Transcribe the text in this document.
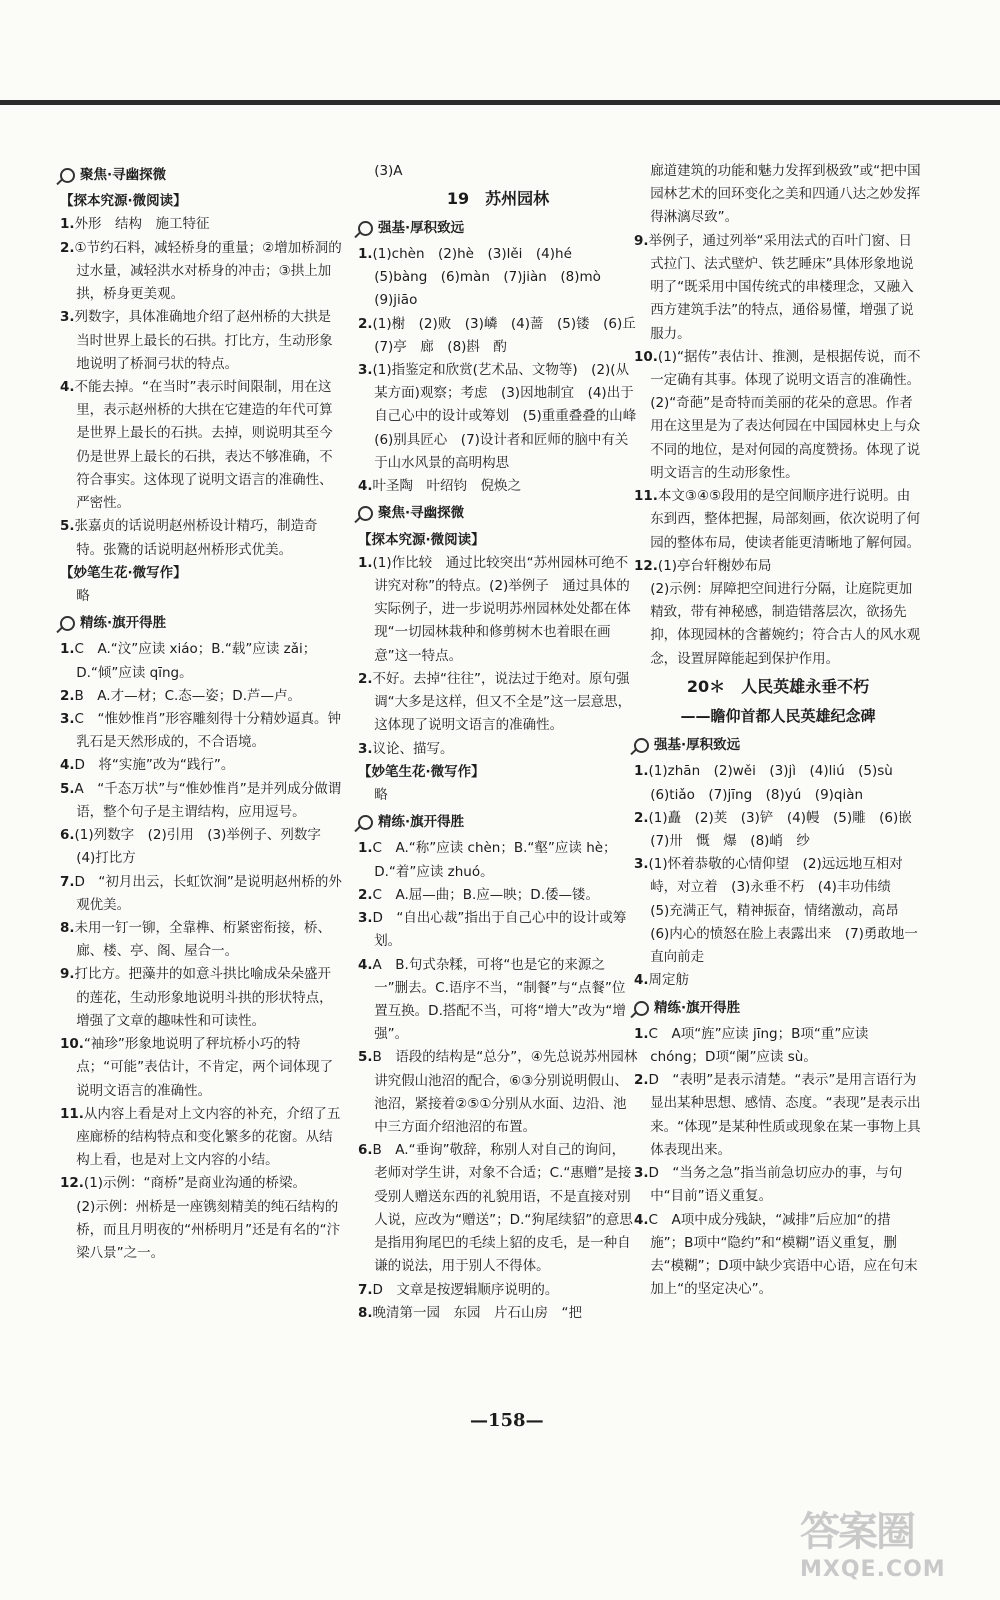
聚焦·寻幽探微
【探本究源·微阅读】
1.外形　结构　施工特征
2.①节约石料，减轻桥身的重量；②增加桥洞的过水量，减轻洪水对桥身的冲击；③拱上加拱，桥身更美观。
3.列数字，具体准确地介绍了赵州桥的大拱是当时世界上最长的石拱。打比方，生动形象地说明了桥洞弓状的特点。
4.不能去掉。“在当时”表示时间限制，用在这里，表示赵州桥的大拱在它建造的年代可算是世界上最长的石拱。去掉，则说明其至今仍是世界上最长的石拱，表达不够准确，不符合事实。这体现了说明文语言的准确性、严密性。
5.张嘉贞的话说明赵州桥设计精巧，制造奇特。张鷟的话说明赵州桥形式优美。
【妙笔生花·微写作】
略
精练·旗开得胜
1.C　A.“汶”应读 xiáo；B.“载”应读 zǎi；D.“倾”应读 qīng。
2.B　A.才—材；C.态—姿；D.芦—卢。
3.C　“惟妙惟肖”形容雕刻得十分精妙逼真。钟乳石是天然形成的，不合语境。
4.D　将“实施”改为“践行”。
5.A　“千态万状”与“惟妙惟肖”是并列成分做谓语，整个句子是主谓结构，应用逗号。
6.(1)列数字　(2)引用　(3)举例子、列数字　(4)打比方
7.D　“初月出云，长虹饮涧”是说明赵州桥的外观优美。
8.未用一钉一铆，全靠榫、桁紧密衔接，桥、廊、楼、亭、阁、屋合一。
9.打比方。把藻井的如意斗拱比喻成朵朵盛开的莲花，生动形象地说明斗拱的形状特点，增强了文章的趣味性和可读性。
10.“袖珍”形象地说明了秤坑桥小巧的特点；“可能”表估计，不肯定，两个词体现了说明文语言的准确性。
11.从内容上看是对上文内容的补充，介绍了五座廊桥的结构特点和变化繁多的花窗。从结构上看，也是对上文内容的小结。
12.(1)示例：“商桥”是商业沟通的桥梁。
(2)示例：州桥是一座镌刻精美的纯石结构的桥，而且月明夜的“州桥明月”还是有名的“汴梁八景”之一。
(3)A
19　苏州园林
强基·厚积致远
1.(1)chèn　(2)hè　(3)lěi　(4)hé　(5)bàng　(6)màn　(7)jiàn　(8)mò　(9)jiāo
2.(1)榭　(2)败　(3)嶙　(4)蔷　(5)镂　(6)丘　(7)亭　廊　(8)斟　酌
3.(1)指鉴定和欣赏(艺术品、文物等)　(2)(从某方面)观察；考虑　(3)因地制宜　(4)出于自己心中的设计或筹划　(5)重重叠叠的山峰　(6)别具匠心　(7)设计者和匠师的脑中有关于山水风景的高明构思
4.叶圣陶　叶绍钧　倪焕之
聚焦·寻幽探微
【探本究源·微阅读】
1.(1)作比较　通过比较突出“苏州园林可绝不讲究对称”的特点。(2)举例子　通过具体的实际例子，进一步说明苏州园林处处都在体现“一切园林栽种和修剪树木也着眼在画意”这一特点。
2.不好。去掉“往往”，说法过于绝对。原句强调“大多是这样，但又不全是”这一层意思，这体现了说明文语言的准确性。
3.议论、描写。
【妙笔生花·微写作】
略
精练·旗开得胜
1.C　A.“称”应读 chèn；B.“壑”应读 hè；D.“着”应读 zhuó。
2.C　A.屈—曲；B.应—映；D.倭—镂。
3.D　“自出心裁”指出于自己心中的设计或筹划。
4.A　B.句式杂糅，可将“也是它的来源之一”删去。C.语序不当，“制餐”与“点餐”位置互换。D.搭配不当，可将“增大”改为“增强”。
5.B　语段的结构是“总分”，④先总说苏州园林讲究假山池沼的配合，⑥③分别说明假山、池沼，紧接着②⑤①分别从水面、边沿、池中三方面介绍池沼的布置。
6.B　A.“垂询”敬辞，称别人对自己的询问，老师对学生讲，对象不合适；C.“惠赠”是接受别人赠送东西的礼貌用语，不是直接对别人说，应改为“赠送”；D.“狗尾续貂”的意思是指用狗尾巴的毛续上貂的皮毛，是一种自谦的说法，用于别人不得体。
7.D　文章是按逻辑顺序说明的。
8.晚清第一园　东园　片石山房　“把
廊道建筑的功能和魅力发挥到极致”或“把中国园林艺术的回环变化之美和四通八达之妙发挥得淋漓尽致”。
9.举例子，通过列举“采用法式的百叶门窗、日式拉门、法式壁炉、铁艺睡床”具体形象地说明了“既采用中国传统式的串楼理念，又融入西方建筑手法”的特点，通俗易懂，增强了说服力。
10.(1)“据传”表估计、推测，是根据传说，而不一定确有其事。体现了说明文语言的准确性。(2)“奇葩”是奇特而美丽的花朵的意思。作者用在这里是为了表达何园在中国园林史上与众不同的地位，是对何园的高度赞扬。体现了说明文语言的生动形象性。
11.本文③④⑤段用的是空间顺序进行说明。由东到西，整体把握，局部刻画，依次说明了何园的整体布局，使读者能更清晰地了解何园。
12.(1)亭台轩榭妙布局
(2)示例：屏障把空间进行分隔，让庭院更加精致，带有神秘感，制造错落层次，欲扬先抑，体现园林的含蓄婉约；符合古人的风水观念，设置屏障能起到保护作用。
20＊　人民英雄永垂不朽
——瞻仰首都人民英雄纪念碑
强基·厚积致远
1.(1)zhān　(2)wěi　(3)jì　(4)liú　(5)sù　(6)tiǎo　(7)jīng　(8)yú　(9)qiàn
2.(1)矗　(2)荚　(3)铲　(4)幔　(5)雕　(6)嵌　(7)卅　慨　爆　(8)峭　纱
3.(1)怀着恭敬的心情仰望　(2)远远地互相对峙，对立着　(3)永垂不朽　(4)丰功伟绩　(5)充满正气，精神振奋，情绪激动，高昂　(6)内心的愤怒在脸上表露出来　(7)勇敢地一直向前走
4.周定舫
精练·旗开得胜
1.C　A项“旌”应读 jīng；B项“重”应读 chóng；D项“阑”应读 sù。
2.D　“表明”是表示清楚。“表示”是用言语行为显出某种思想、感情、态度。“表现”是表示出来。“体现”是某种性质或现象在某一事物上具体表现出来。
3.D　“当务之急”指当前急切应办的事，与句中“目前”语义重复。
4.C　A项中成分残缺，“减排”后应加“的措施”；B项中“隐约”和“模糊”语义重复，删去“模糊”；D项中缺少宾语中心语，应在句末加上“的坚定决心”。
—158—
答案圈
MXQE.COM
